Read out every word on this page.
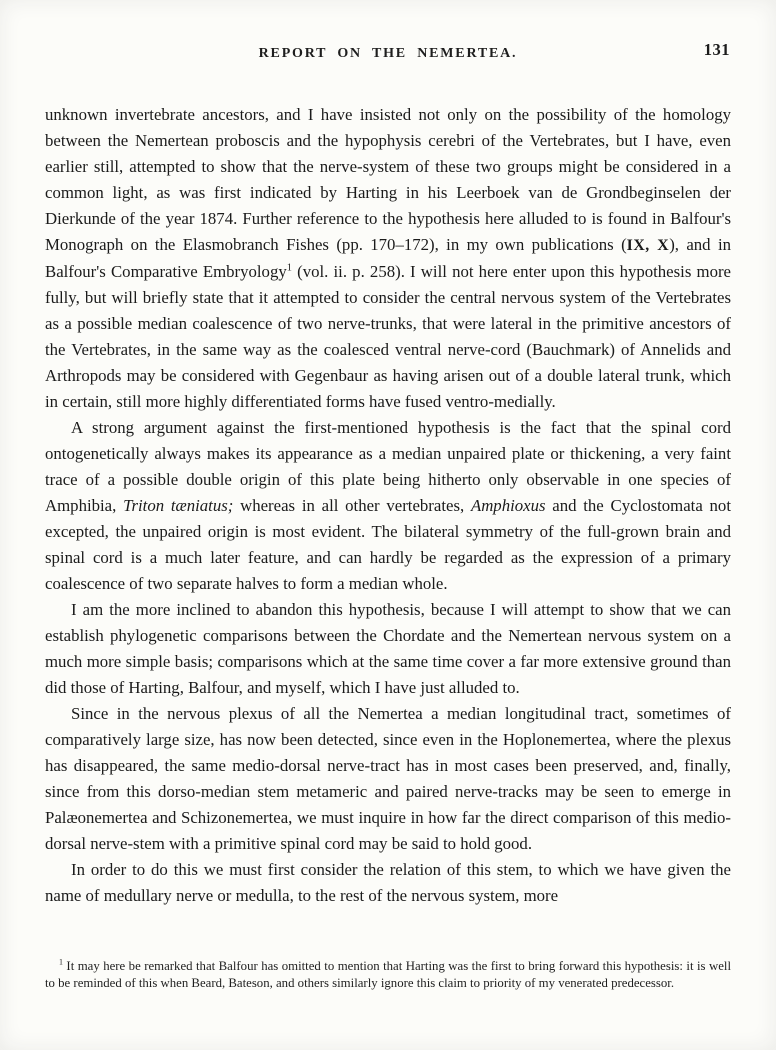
REPORT ON THE NEMERTEA.	131

unknown invertebrate ancestors, and I have insisted not only on the possibility of the homology between the Nemertean proboscis and the hypophysis cerebri of the Vertebrates, but I have, even earlier still, attempted to show that the nerve-system of these two groups might be considered in a common light, as was first indicated by Harting in his Leerboek van de Grondbeginselen der Dierkunde of the year 1874. Further reference to the hypothesis here alluded to is found in Balfour's Monograph on the Elasmobranch Fishes (pp. 170–172), in my own publications (IX, X), and in Balfour's Comparative Embryology$^1$ (vol. ii. p. 258). I will not here enter upon this hypothesis more fully, but will briefly state that it attempted to consider the central nervous system of the Vertebrates as a possible median coalescence of two nerve-trunks, that were lateral in the primitive ancestors of the Vertebrates, in the same way as the coalesced ventral nerve-cord (Bauchmark) of Annelids and Arthropods may be considered with Gegenbaur as having arisen out of a double lateral trunk, which in certain, still more highly differentiated forms have fused ventro-medially.

A strong argument against the first-mentioned hypothesis is the fact that the spinal cord ontogenetically always makes its appearance as a median unpaired plate or thickening, a very faint trace of a possible double origin of this plate being hitherto only observable in one species of Amphibia, Triton tæniatus; whereas in all other vertebrates, Amphioxus and the Cyclostomata not excepted, the unpaired origin is most evident. The bilateral symmetry of the full-grown brain and spinal cord is a much later feature, and can hardly be regarded as the expression of a primary coalescence of two separate halves to form a median whole.

I am the more inclined to abandon this hypothesis, because I will attempt to show that we can establish phylogenetic comparisons between the Chordate and the Nemertean nervous system on a much more simple basis; comparisons which at the same time cover a far more extensive ground than did those of Harting, Balfour, and myself, which I have just alluded to.

Since in the nervous plexus of all the Nemertea a median longitudinal tract, sometimes of comparatively large size, has now been detected, since even in the Hoplonemertea, where the plexus has disappeared, the same medio-dorsal nerve-tract has in most cases been preserved, and, finally, since from this dorso-median stem metameric and paired nerve-tracks may be seen to emerge in Palæonemertea and Schizonemertea, we must inquire in how far the direct comparison of this medio-dorsal nerve-stem with a primitive spinal cord may be said to hold good.

In order to do this we must first consider the relation of this stem, to which we have given the name of medullary nerve or medulla, to the rest of the nervous system, more

$^1$ It may here be remarked that Balfour has omitted to mention that Harting was the first to bring forward this hypothesis: it is well to be reminded of this when Beard, Bateson, and others similarly ignore this claim to priority of my venerated predecessor.
